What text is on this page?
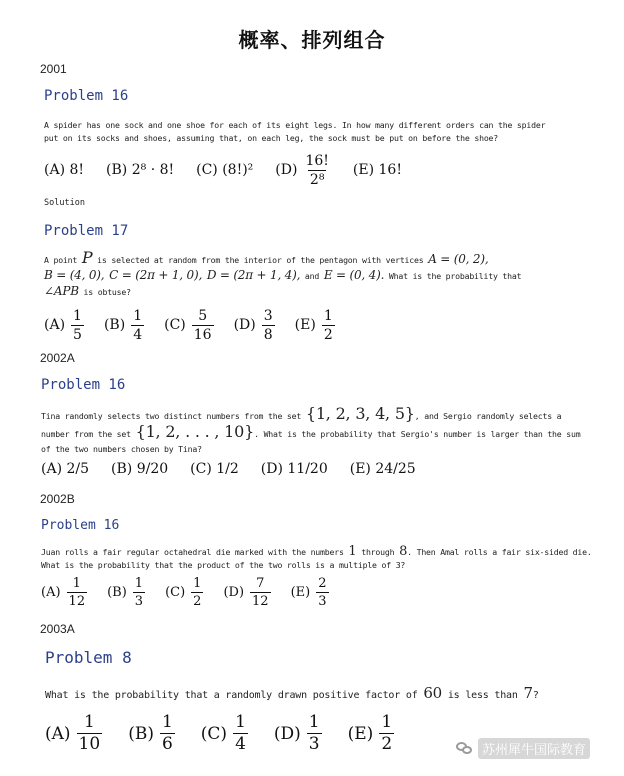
概率、排列组合
2001
Problem 16
A spider has one sock and one shoe for each of its eight legs. In how many different orders can the spider
put on its socks and shoes, assuming that, on each leg, the sock must be put on before the shoe?
(A)
8! (B)
2⁸ · 8! (C)
(8!)² $(D) \frac{16!}{\text{2⁸}} (E)$
16!
Solution
Problem 17
A point P is selected at random from the interior of the pentagon with vertices A = (0, 2),
B = (4, 0), C = (2π + 1, 0), D = (2π + 1, 4), and E = (0, 4). What is the probability that
∠APB is obtuse?
$(A) \frac{1}{5} (B) \frac{1}{4} (C) \frac{5}{16} (D) \frac{3}{8} (E) \frac{1}{2}$
2002A
Problem 16
Tina randomly selects two distinct numbers from the set {1, 2, 3, 4, 5}, and Sergio randomly selects a
number from the set {1, 2, . . . , 10}. What is the probability that Sergio's number is larger than the sum
of the two numbers chosen by Tina?
(A)
2/5 (B)
9/20 (C)
1/2 (D)
11/20 (E)
24/25
2002B
Problem 16
Juan rolls a fair regular octahedral die marked with the numbers 1 through 8. Then Amal rolls a fair six-sided die.
What is the probability that the product of the two rolls is a multiple of 3?
$(A) \frac{1}{12} (B) \frac{1}{3} (C) \frac{1}{2} (D) \frac{7}{12} (E) \frac{2}{3}$
2003A
Problem 8
What is the probability that a randomly drawn positive factor of 60 is less than 7?
$(A) \frac{1}{10} (B) \frac{1}{6} (C) \frac{1}{4} (D) \frac{1}{3} (E) \frac{1}{2}$	苏州犀牛国际教育
